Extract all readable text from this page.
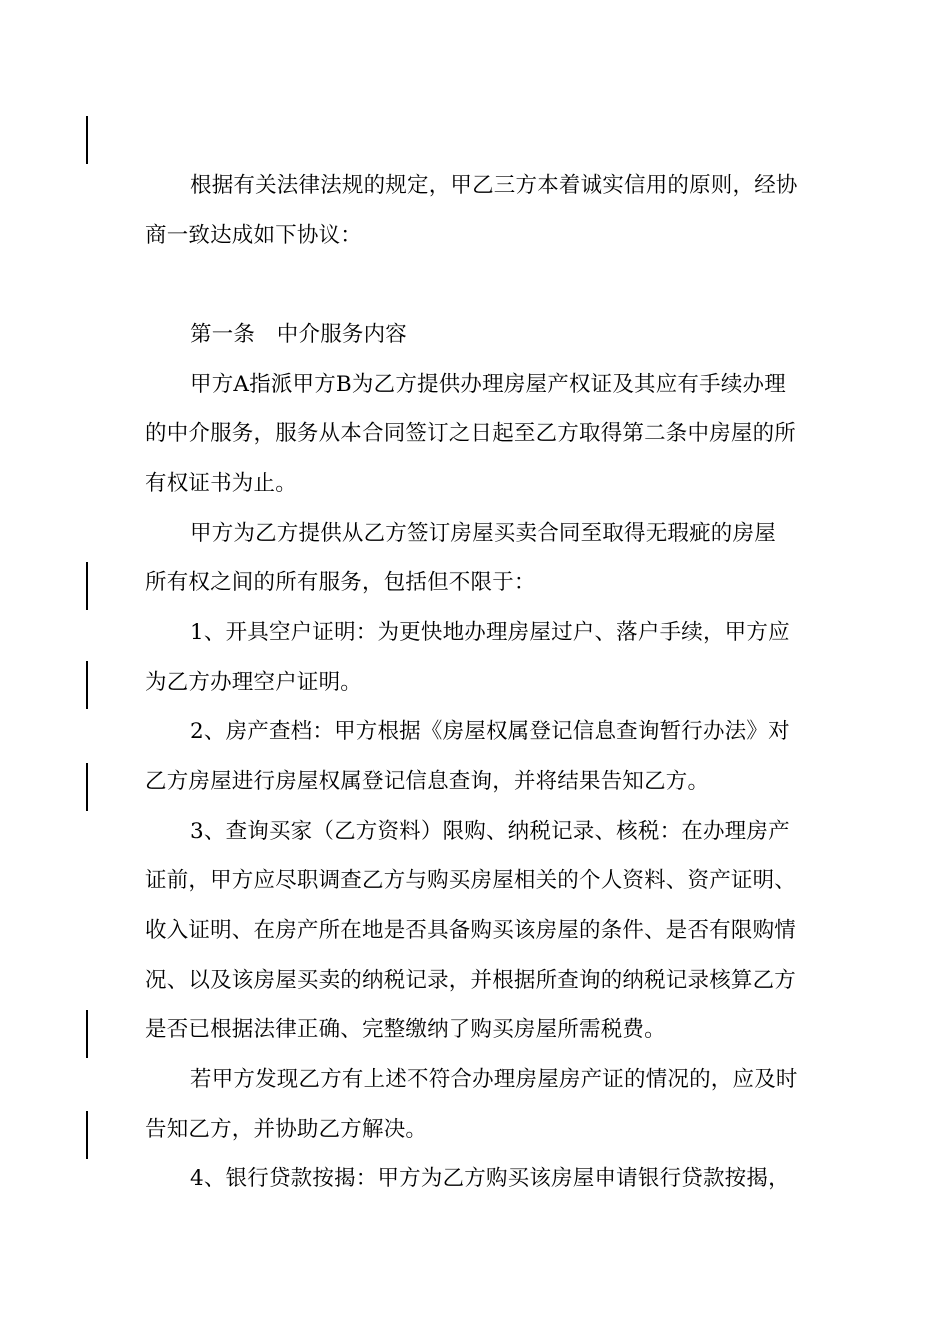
根据有关法律法规的规定，甲乙三方本着诚实信用的原则，经协
商一致达成如下协议：
第一条　中介服务内容
甲方A指派甲方B为乙方提供办理房屋产权证及其应有手续办理
的中介服务，服务从本合同签订之日起至乙方取得第二条中房屋的所
有权证书为止。
甲方为乙方提供从乙方签订房屋买卖合同至取得无瑕疵的房屋
所有权之间的所有服务，包括但不限于：
1、开具空户证明：为更快地办理房屋过户、落户手续，甲方应
为乙方办理空户证明。
2、房产查档：甲方根据《房屋权属登记信息查询暂行办法》对
乙方房屋进行房屋权属登记信息查询，并将结果告知乙方。
3、查询买家（乙方资料）限购、纳税记录、核税：在办理房产
证前，甲方应尽职调查乙方与购买房屋相关的个人资料、资产证明、
收入证明、在房产所在地是否具备购买该房屋的条件、是否有限购情
况、以及该房屋买卖的纳税记录，并根据所查询的纳税记录核算乙方
是否已根据法律正确、完整缴纳了购买房屋所需税费。
若甲方发现乙方有上述不符合办理房屋房产证的情况的，应及时
告知乙方，并协助乙方解决。
4、银行贷款按揭：甲方为乙方购买该房屋申请银行贷款按揭，
